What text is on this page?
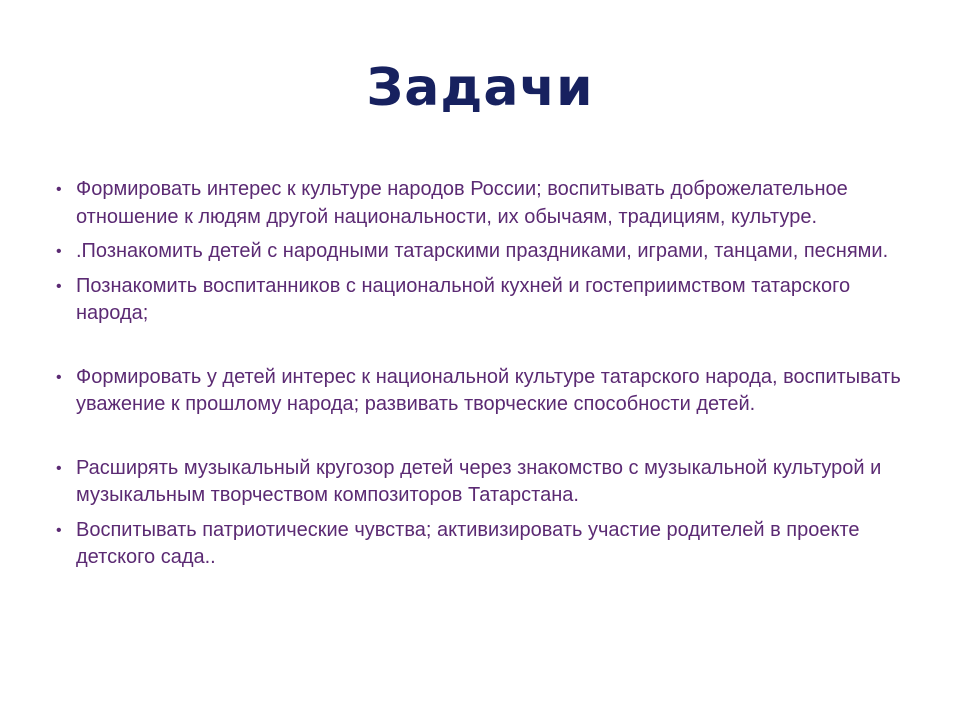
Задачи
• Формировать интерес к культуре народов России; воспитывать доброжелательное отношение к людям другой национальности, их обычаям, традициям, культуре.
• .Познакомить детей с народными татарскими праздниками, играми, танцами, песнями.
• Познакомить воспитанников с национальной кухней и гостеприимством татарского народа;
• Формировать у детей интерес к национальной культуре татарского народа, воспитывать уважение к прошлому народа; развивать творческие способности детей.
• Расширять музыкальный кругозор детей через знакомство с музыкальной культурой и музыкальным творчеством композиторов Татарстана.
• Воспитывать патриотические чувства; активизировать участие родителей в проекте детского сада..
